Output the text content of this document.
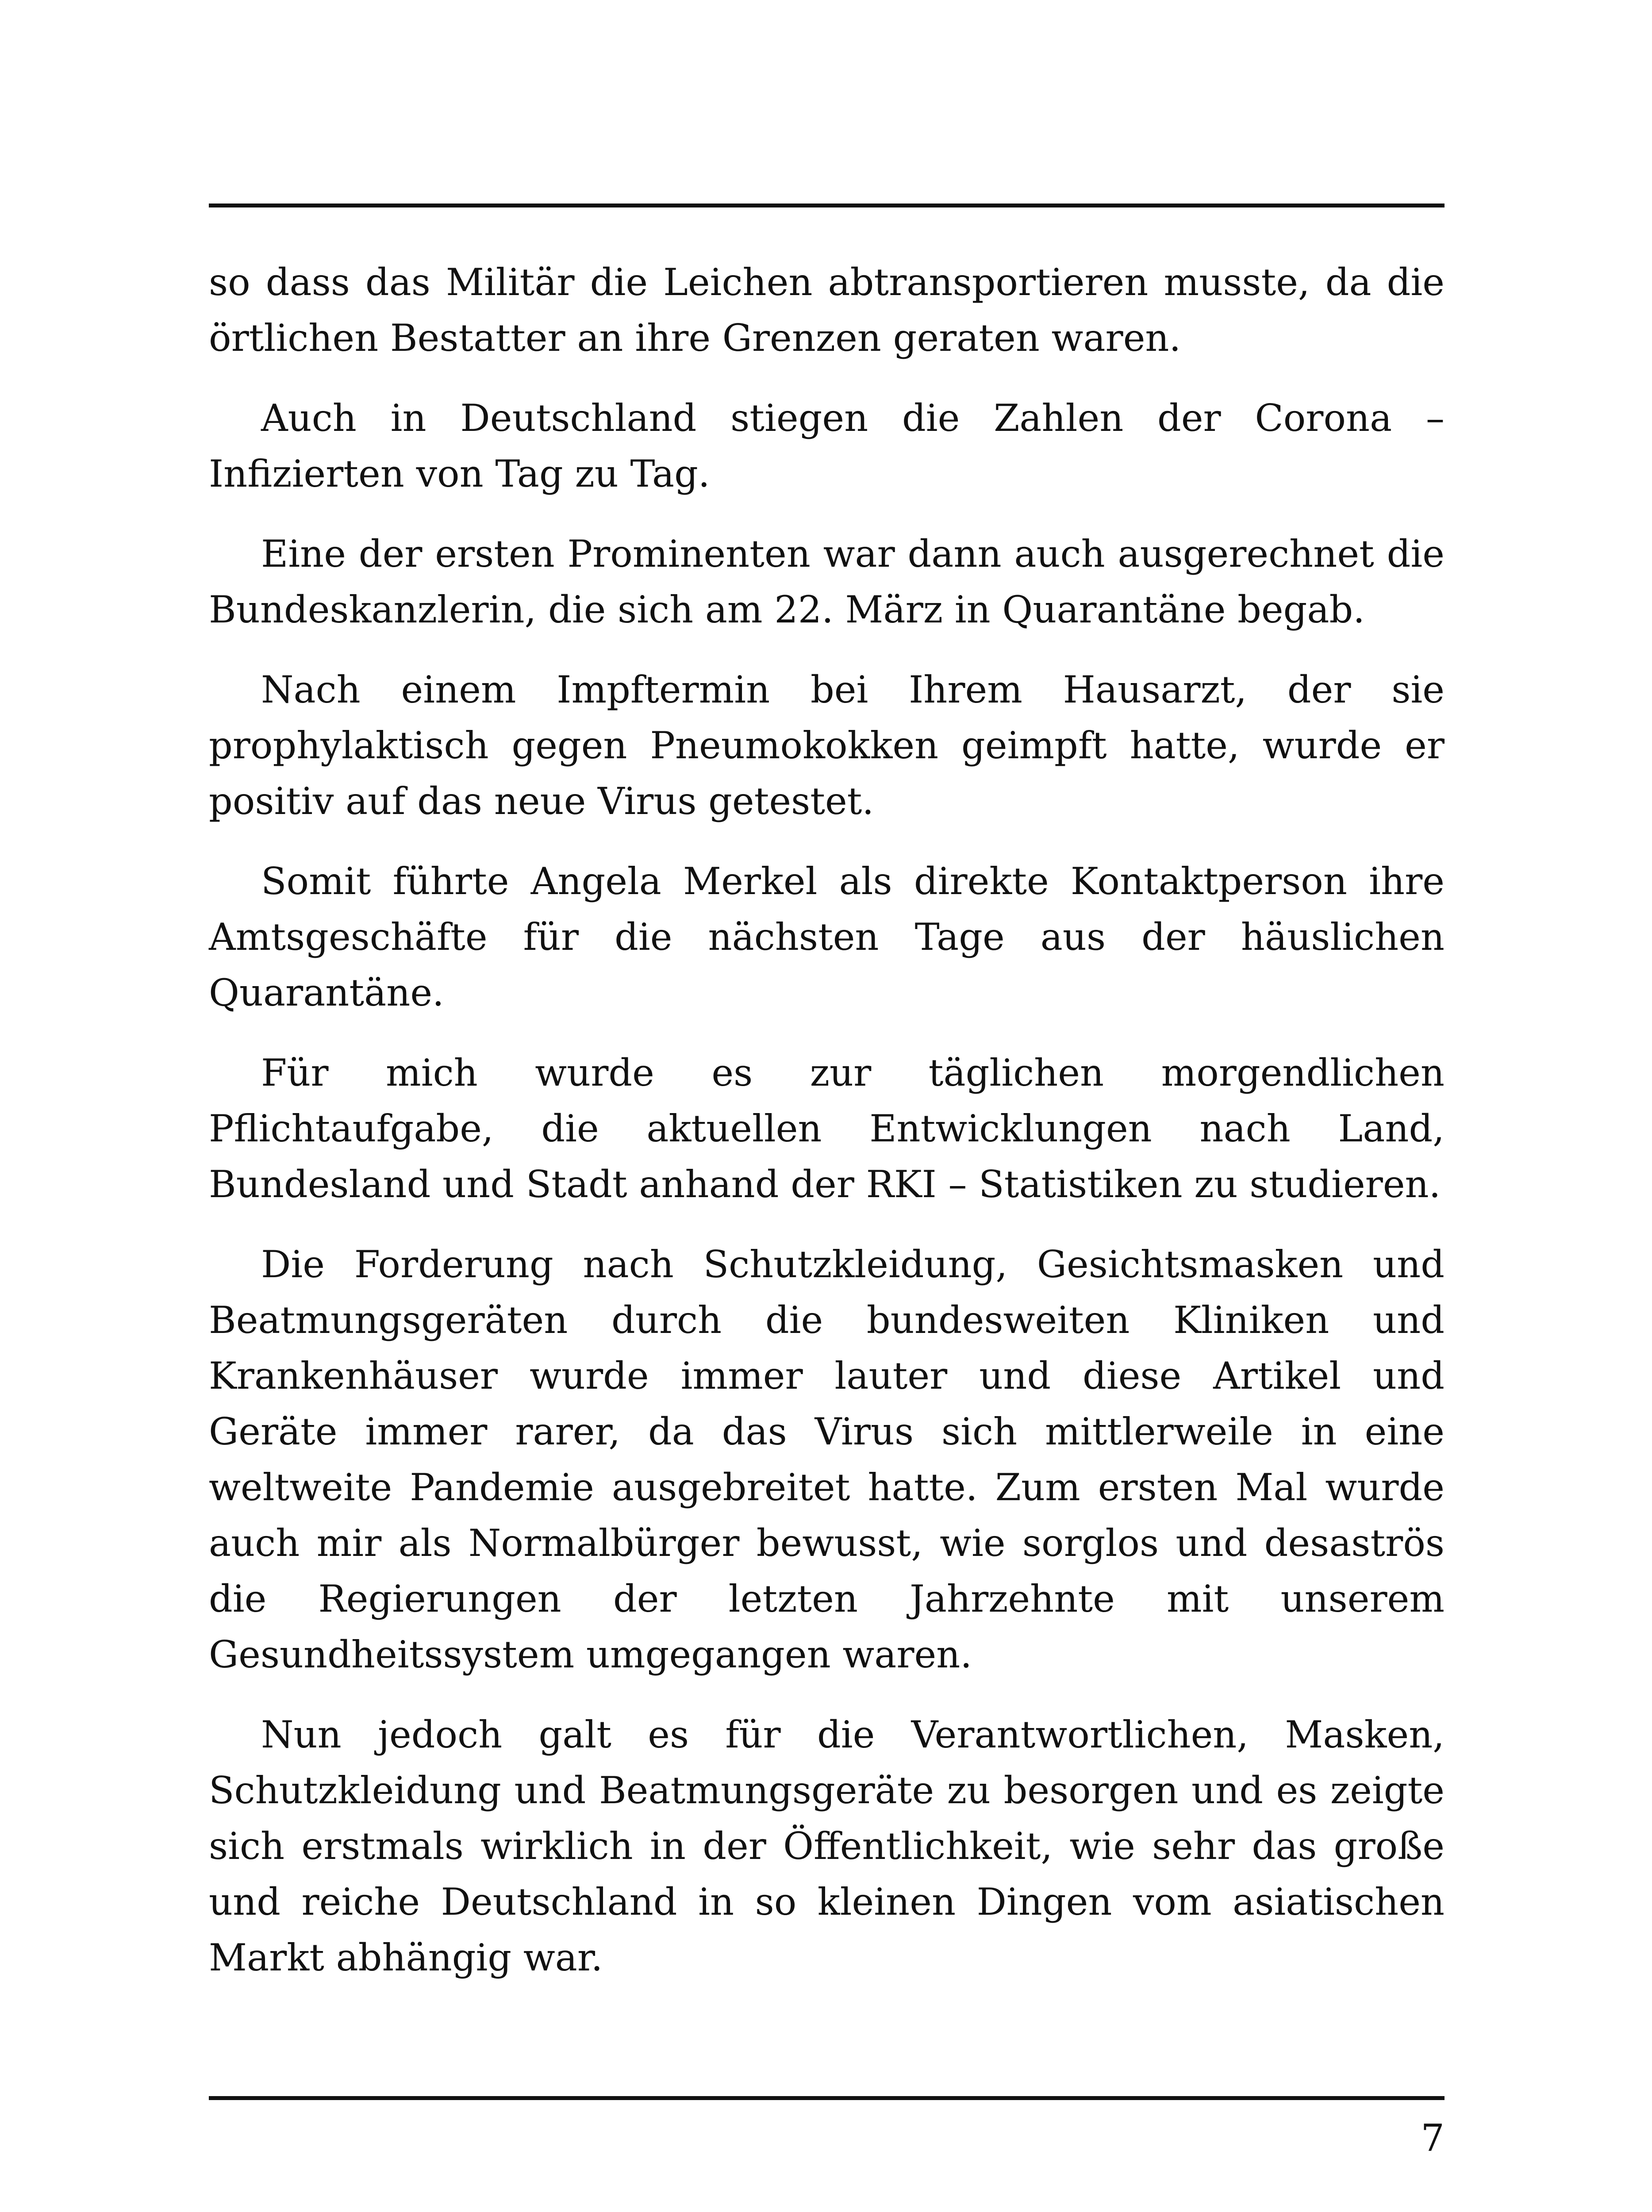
so dass das Militär die Leichen abtransportieren musste, da die örtlichen Bestatter an ihre Grenzen geraten waren.

Auch in Deutschland stiegen die Zahlen der Corona – Infizierten von Tag zu Tag.

Eine der ersten Prominenten war dann auch ausgerechnet die Bundeskanzlerin, die sich am 22. März in Quarantäne begab.

Nach einem Impftermin bei Ihrem Hausarzt, der sie prophylaktisch gegen Pneumokokken geimpft hatte, wurde er positiv auf das neue Virus getestet.

Somit führte Angela Merkel als direkte Kontaktperson ihre Amtsgeschäfte für die nächsten Tage aus der häuslichen Quarantäne.

Für mich wurde es zur täglichen morgendlichen Pflichtaufgabe, die aktuellen Entwicklungen nach Land, Bundesland und Stadt anhand der RKI – Statistiken zu studieren.

Die Forderung nach Schutzkleidung, Gesichtsmasken und Beatmungsgeräten durch die bundesweiten Kliniken und Krankenhäuser wurde immer lauter und diese Artikel und Geräte immer rarer, da das Virus sich mittlerweile in eine weltweite Pandemie ausgebreitet hatte. Zum ersten Mal wurde auch mir als Normalbürger bewusst, wie sorglos und desaströs die Regierungen der letzten Jahrzehnte mit unserem Gesundheitssystem umgegangen waren.

Nun jedoch galt es für die Verantwortlichen, Masken, Schutzkleidung und Beatmungsgeräte zu besorgen und es zeigte sich erstmals wirklich in der Öffentlichkeit, wie sehr das große und reiche Deutschland in so kleinen Dingen vom asiatischen Markt abhängig war.

7
